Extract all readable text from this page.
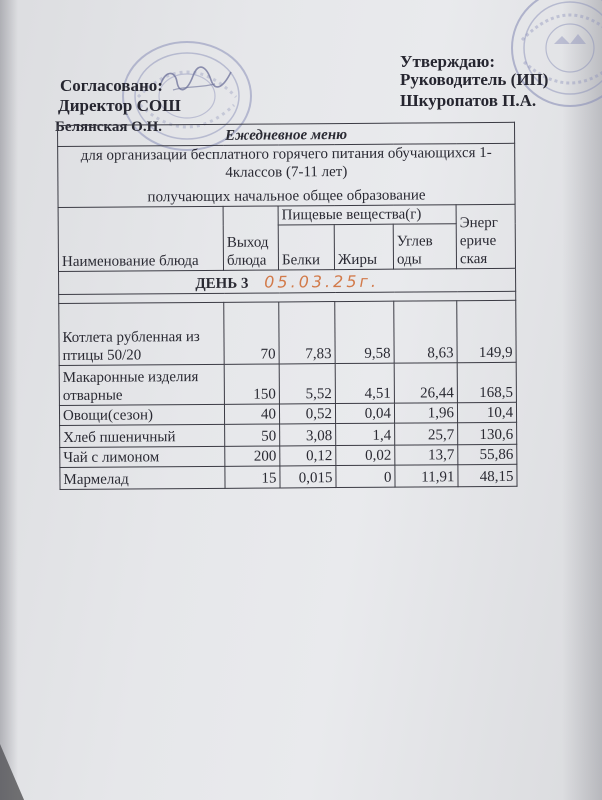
Согласовано:
Директор СОШ
Белянская О.Н.
Утверждаю:
Руководитель (ИП)
Шкуропатов П.А.
Ежедневное меню					
для организации бесплатного горячего питания обучающихся 1-4классов (7-11 лет)
получающих начальное общее образование					

Наименование блюда	Выход блюда	Пищевые вещества(г)			Энерг ериче ская
		Белки	Жиры	Углев оды	
ДЕНЬ 3 05.03.25г.					

Котлета рубленная из птицы 50/20	70	7,83	9,58	8,63	149,9
Макаронные изделия отварные	150	5,52	4,51	26,44	168,5
Овощи(сезон)	40	0,52	0,04	1,96	10,4
Хлеб пшеничный	50	3,08	1,4	25,7	130,6
Чай с лимоном	200	0,12	0,02	13,7	55,86
Мармелад	15	0,015	0	11,91	48,15
